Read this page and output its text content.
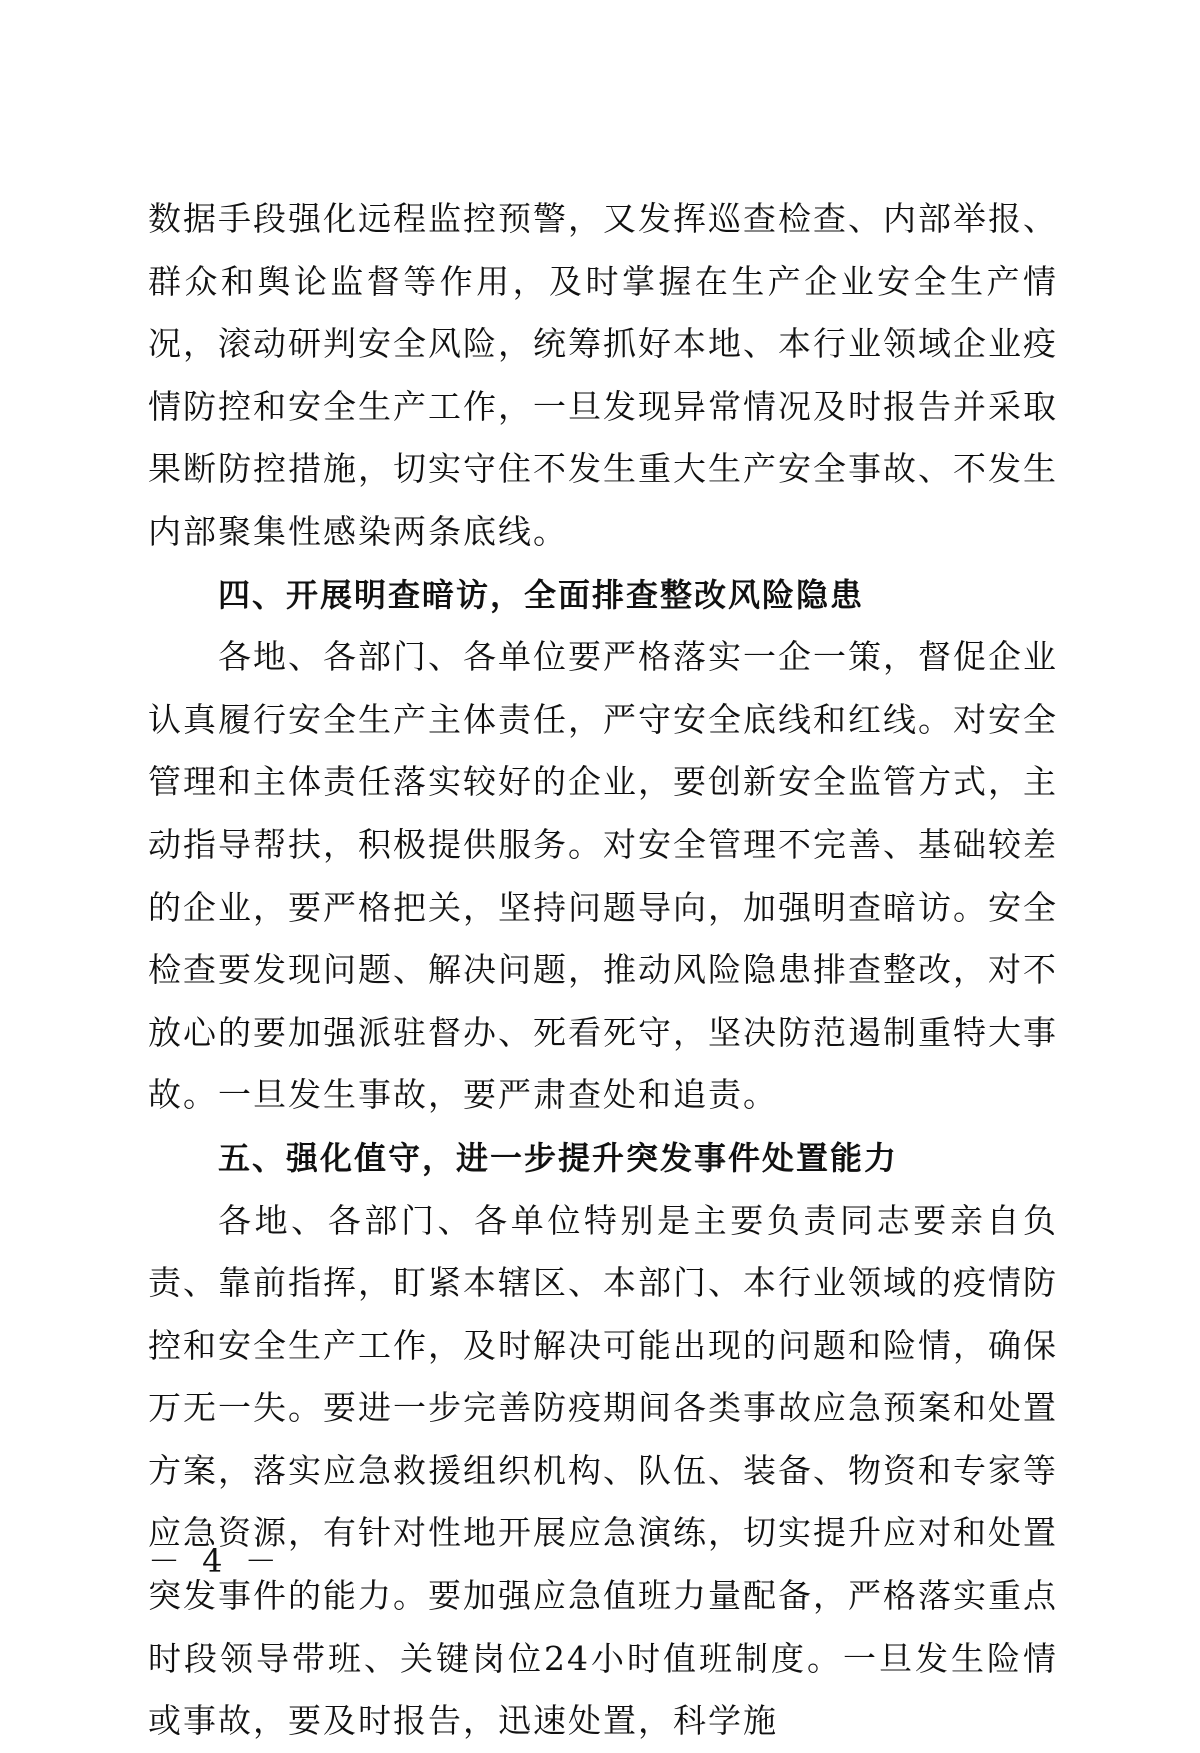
数据手段强化远程监控预警，又发挥巡查检查、内部举报、群众和舆论监督等作用，及时掌握在生产企业安全生产情况，滚动研判安全风险，统筹抓好本地、本行业领域企业疫情防控和安全生产工作，一旦发现异常情况及时报告并采取果断防控措施，切实守住不发生重大生产安全事故、不发生内部聚集性感染两条底线。

四、开展明查暗访，全面排查整改风险隐患

各地、各部门、各单位要严格落实一企一策，督促企业认真履行安全生产主体责任，严守安全底线和红线。对安全管理和主体责任落实较好的企业，要创新安全监管方式，主动指导帮扶，积极提供服务。对安全管理不完善、基础较差的企业，要严格把关，坚持问题导向，加强明查暗访。安全检查要发现问题、解决问题，推动风险隐患排查整改，对不放心的要加强派驻督办、死看死守，坚决防范遏制重特大事故。一旦发生事故，要严肃查处和追责。

五、强化值守，进一步提升突发事件处置能力

各地、各部门、各单位特别是主要负责同志要亲自负责、靠前指挥，盯紧本辖区、本部门、本行业领域的疫情防控和安全生产工作，及时解决可能出现的问题和险情，确保万无一失。要进一步完善防疫期间各类事故应急预案和处置方案，落实应急救援组织机构、队伍、装备、物资和专家等应急资源，有针对性地开展应急演练，切实提升应对和处置突发事件的能力。要加强应急值班力量配备，严格落实重点时段领导带班、关键岗位24小时值班制度。一旦发生险情或事故，要及时报告，迅速处置，科学施

－ 4 －
